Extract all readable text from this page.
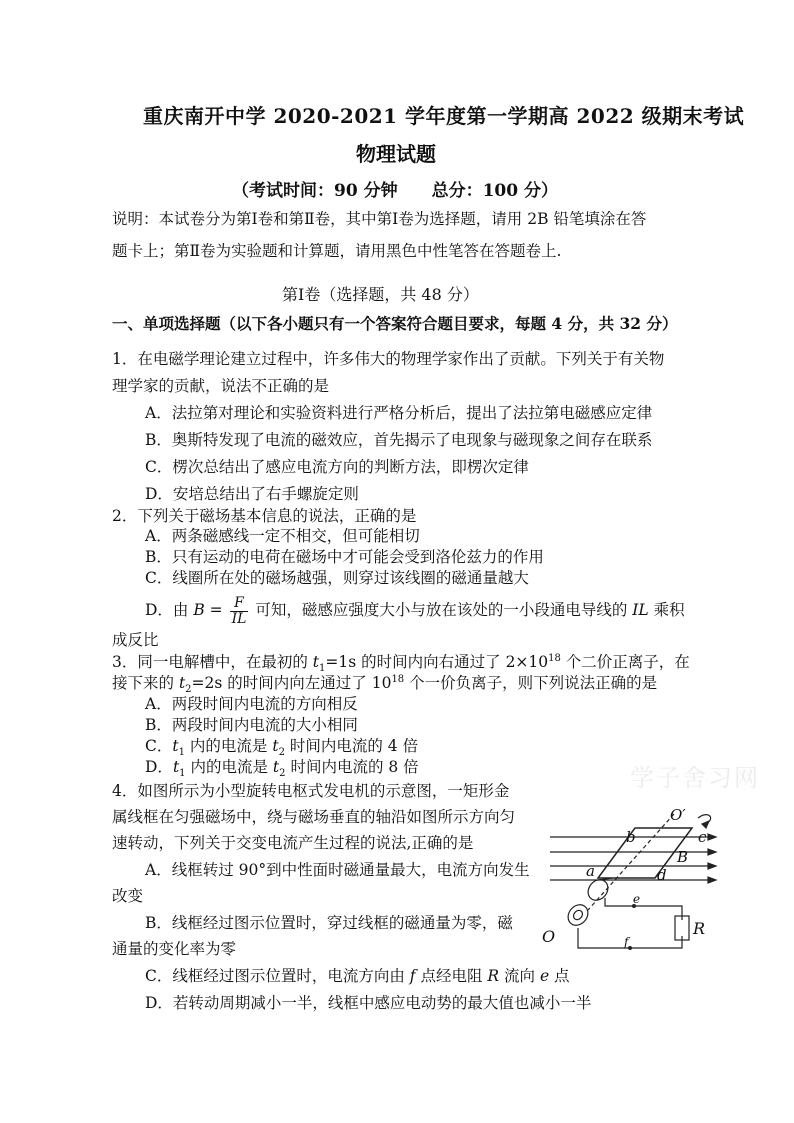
重庆南开中学 2020-2021 学年度第一学期高 2022 级期末考试
物理试题
（考试时间：90 分钟　　总分：100 分）
说明：本试卷分为第Ⅰ卷和第Ⅱ卷，其中第Ⅰ卷为选择题，请用 2B 铅笔填涂在答
题卡上；第Ⅱ卷为实验题和计算题，请用黑色中性笔答在答题卷上.
第Ⅰ卷（选择题，共 48 分）
一、单项选择题（以下各小题只有一个答案符合题目要求，每题 4 分，共 32 分）
1．在电磁学理论建立过程中，许多伟大的物理学家作出了贡献。下列关于有关物
理学家的贡献，说法不正确的是
A．法拉第对理论和实验资料进行严格分析后，提出了法拉第电磁感应定律
B．奥斯特发现了电流的磁效应，首先揭示了电现象与磁现象之间存在联系
C．楞次总结出了感应电流方向的判断方法，即楞次定律
D．安培总结出了右手螺旋定则
2．下列关于磁场基本信息的说法，正确的是
A．两条磁感线一定不相交，但可能相切
B．只有运动的电荷在磁场中才可能会受到洛伦兹力的作用
C．线圈所在处的磁场越强，则穿过该线圈的磁通量越大
D．由 $B = \frac{F}{IL}$ 可知，磁感应强度大小与放在该处的一小段通电导线的 IL 乘积
成反比
3．同一电解槽中，在最初的 $t_1=1s$ 的时间内向右通过了 $2\times 10^{18}$ 个二价正离子，在
接下来的 $t_2=2s$ 的时间内向左通过了 $10^{18}$ 个一价负离子，则下列说法正确的是
A．两段时间内电流的方向相反
B．两段时间内电流的大小相同
C．$t_1$ 内的电流是 $t_2$ 时间内电流的 4 倍
D．$t_1$ 内的电流是 $t_2$ 时间内电流的 8 倍	学子舍习网
4．如图所示为小型旋转电枢式发电机的示意图，一矩形金
属线框在匀强磁场中，绕与磁场垂直的轴沿如图所示方向匀
速转动，下列关于交变电流产生过程的说法,正确的是
A．线框转过 90°到中性面时磁通量最大，电流方向发生
改变
B．线框经过图示位置时，穿过线框的磁通量为零，磁
通量的变化率为零
C．线框经过图示位置时，电流方向由 f 点经电阻 R 流向 e 点
D．若转动周期减小一半，线框中感应电动势的最大值也减小一半
O′
b	c
B
a	d
e
R
O	f
